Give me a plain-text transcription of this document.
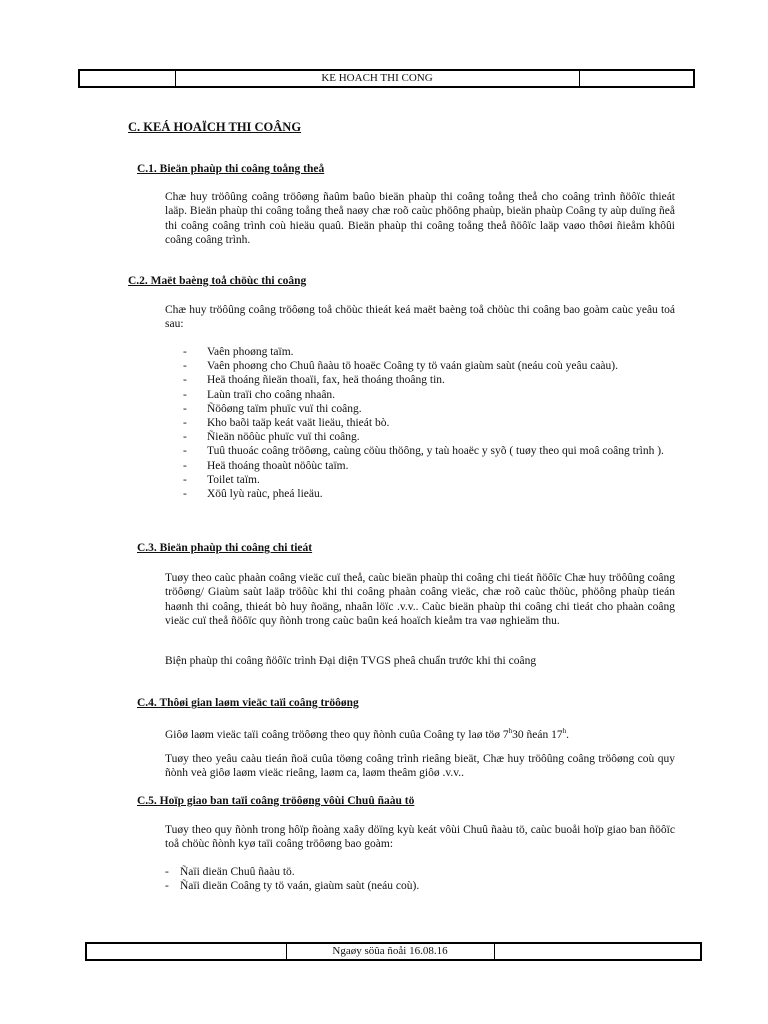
	KE HOACH THI CONG	
C. KEÁ HOAÏCH THI COÂNG
C.1. Bieän phaùp thi coâng toång theå

Chæ huy tröôûng coâng tröôøng ñaûm baûo bieän phaùp thi coâng toång theå cho coâng trình ñöôïc thieát laäp. Bieän phaùp thi coâng toång theå naøy chæ roõ caùc phöông phaùp, bieän phaùp Coâng ty aùp duïng ñeå thi coâng coâng trình coù hieäu quaû. Bieän phaùp thi coâng toång theå ñöôïc laäp vaøo thôøi ñieåm khôûi coâng coâng trình.

C.2. Maët baèng toå chöùc thi coâng

Chæ huy tröôûng coâng tröôøng toå chöùc thieát keá maët baèng toå chöùc thi coâng bao goàm caùc yeâu toá sau:

- Vaên phoøng taïm.
- Vaên phoøng cho Chuû ñaàu tö hoaëc Coâng ty tö vaán giaùm saùt (neáu coù yeâu caàu).
- Heä thoáng ñieän thoaïi, fax, heä thoáng thoâng tin.
- Laùn traïi cho coâng nhaân.
- Ñöôøng taïm phuïc vuï thi coâng.
- Kho baõi taäp keát vaät lieäu, thieát bò.
- Ñieän nöôùc phuïc vuï thi coâng.
- Tuû thuoác coâng tröôøng, caùng cöùu thöông, y taù hoaëc y syõ ( tuøy theo qui moâ coâng trình ).
- Heä thoáng thoaùt nöôùc taïm.
- Toilet taïm.
- Xöû lyù raùc, pheá lieäu.
C.3. Bieän phaùp thi coâng chi tieát

Tuøy theo caùc phaàn coâng vieäc cuï theå, caùc bieän phaùp thi coâng chi tieát ñöôïc Chæ huy tröôûng coâng tröôøng/ Giaùm saùt laäp tröôùc khi thi coâng phaàn coâng vieäc, chæ roõ caùc thöùc, phöông phaùp tieán haønh thi coâng, thieát bò huy ñoäng, nhaân löïc .v.v.. Caùc bieän phaùp thi coâng chi tieát cho phaàn coâng vieäc cuï theå ñöôïc quy ñònh trong caùc baûn keá hoaïch kieåm tra vaø nghieäm thu.

Biện phaùp thi coâng ñöôïc trình Đại diện TVGS pheâ chuẩn trước khi thi coâng

C.4. Thôøi gian laøm vieäc taïi coâng tröôøng

Giôø laøm vieäc taïi coâng tröôøng theo quy ñònh cuûa Coâng ty laø töø 7$^h$30 ñeán 17$^h$.

Tuøy theo yeâu caàu tieán ñoä cuûa töøng coâng trình rieâng bieät, Chæ huy tröôûng coâng tröôøng coù quy ñònh veà giôø laøm vieäc rieâng, laøm ca, laøm theâm giôø .v.v..

C.5. Hoïp giao ban taïi coâng tröôøng vôùi Chuû ñaàu tö

Tuøy theo quy ñònh trong hôïp ñoàng xaây döïng kyù keát vôùi Chuû ñaàu tö, caùc buoåi hoïp giao ban ñöôïc toå chöùc ñònh kyø taïi coâng tröôøng bao goàm:

- Ñaïi dieän Chuû ñaàu tö.
- Ñaïi dieän Coâng ty tö vaán, giaùm saùt (neáu coù).
	Ngaøy söûa ñoåi 16.08.16	
